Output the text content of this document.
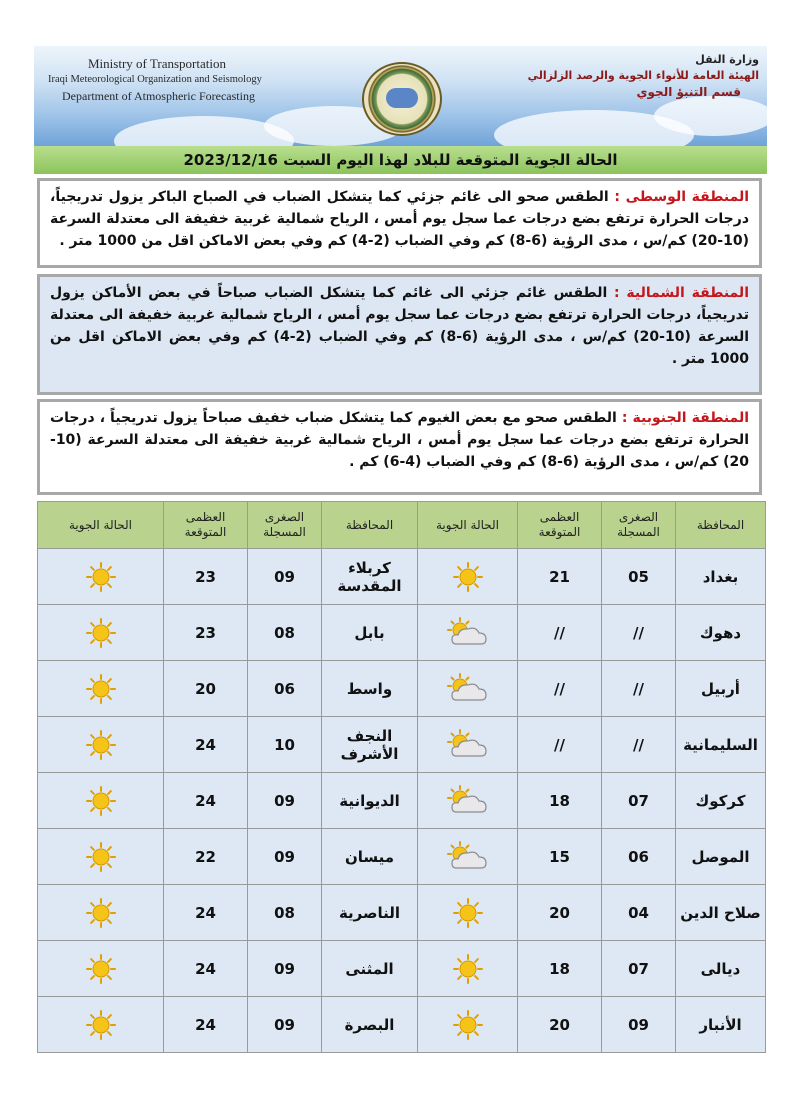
Ministry of Transportation
Iraqi Meteorological Organization and Seismology
Department of Atmospheric Forecasting
وزارة النقل
الهيئة العامة للأنواء الجوية والرصد الزلزالي
قسم التنبؤ الجوي
الحالة الجوية المتوقعة للبلاد لهذا اليوم السبت 2023/12/16
المنطقة الوسطى : الطقس صحو الى غائم جزئي كما يتشكل الضباب في الصباح الباكر يزول تدريجياً، درجات الحرارة ترتفع بضع درجات عما سجل يوم أمس ، الرياح شمالية غربية خفيفة الى معتدلة السرعة (10-20) كم/س ، مدى الرؤية (6-8) كم وفي الضباب (2-4) كم وفي بعض الاماكن اقل من 1000 متر .
المنطقة الشمالية : الطقس غائم جزئي الى غائم كما يتشكل الضباب صباحاً في بعض الأماكن يزول تدريجياً، درجات الحرارة ترتفع بضع درجات عما سجل يوم أمس ، الرياح شمالية غربية خفيفة الى معتدلة السرعة (10-20) كم/س ، مدى الرؤية (6-8) كم وفي الضباب (2-4) كم وفي بعض الاماكن اقل من 1000 متر .
المنطقة الجنوبية : الطقس صحو مع بعض الغيوم كما يتشكل ضباب خفيف صباحاً يزول تدريجياً ، درجات الحرارة ترتفع بضع درجات عما سجل يوم أمس ، الرياح شمالية غربية خفيفة الى معتدلة السرعة (10-20) كم/س ، مدى الرؤية (6-8) كم وفي الضباب (4-6) كم .
المحافظة	الصغرى المسجلة	العظمى المتوقعة	الحالة الجوية	المحافظة	الصغرى المسجلة	العظمى المتوقعة	الحالة الجوية
بغداد	05	21		كربلاء المقدسة	09	23	

دهوك	//	//		بابل	08	23	

أربيل	//	//		واسط	06	20	

السليمانية	//	//		النجف الأشرف	10	24	

كركوك	07	18		الديوانية	09	24	

الموصل	06	15		ميسان	09	22	

صلاح الدين	04	20		الناصرية	08	24	

ديالى	07	18		المثنى	09	24	

الأنبار	09	20		البصرة	09	24	
